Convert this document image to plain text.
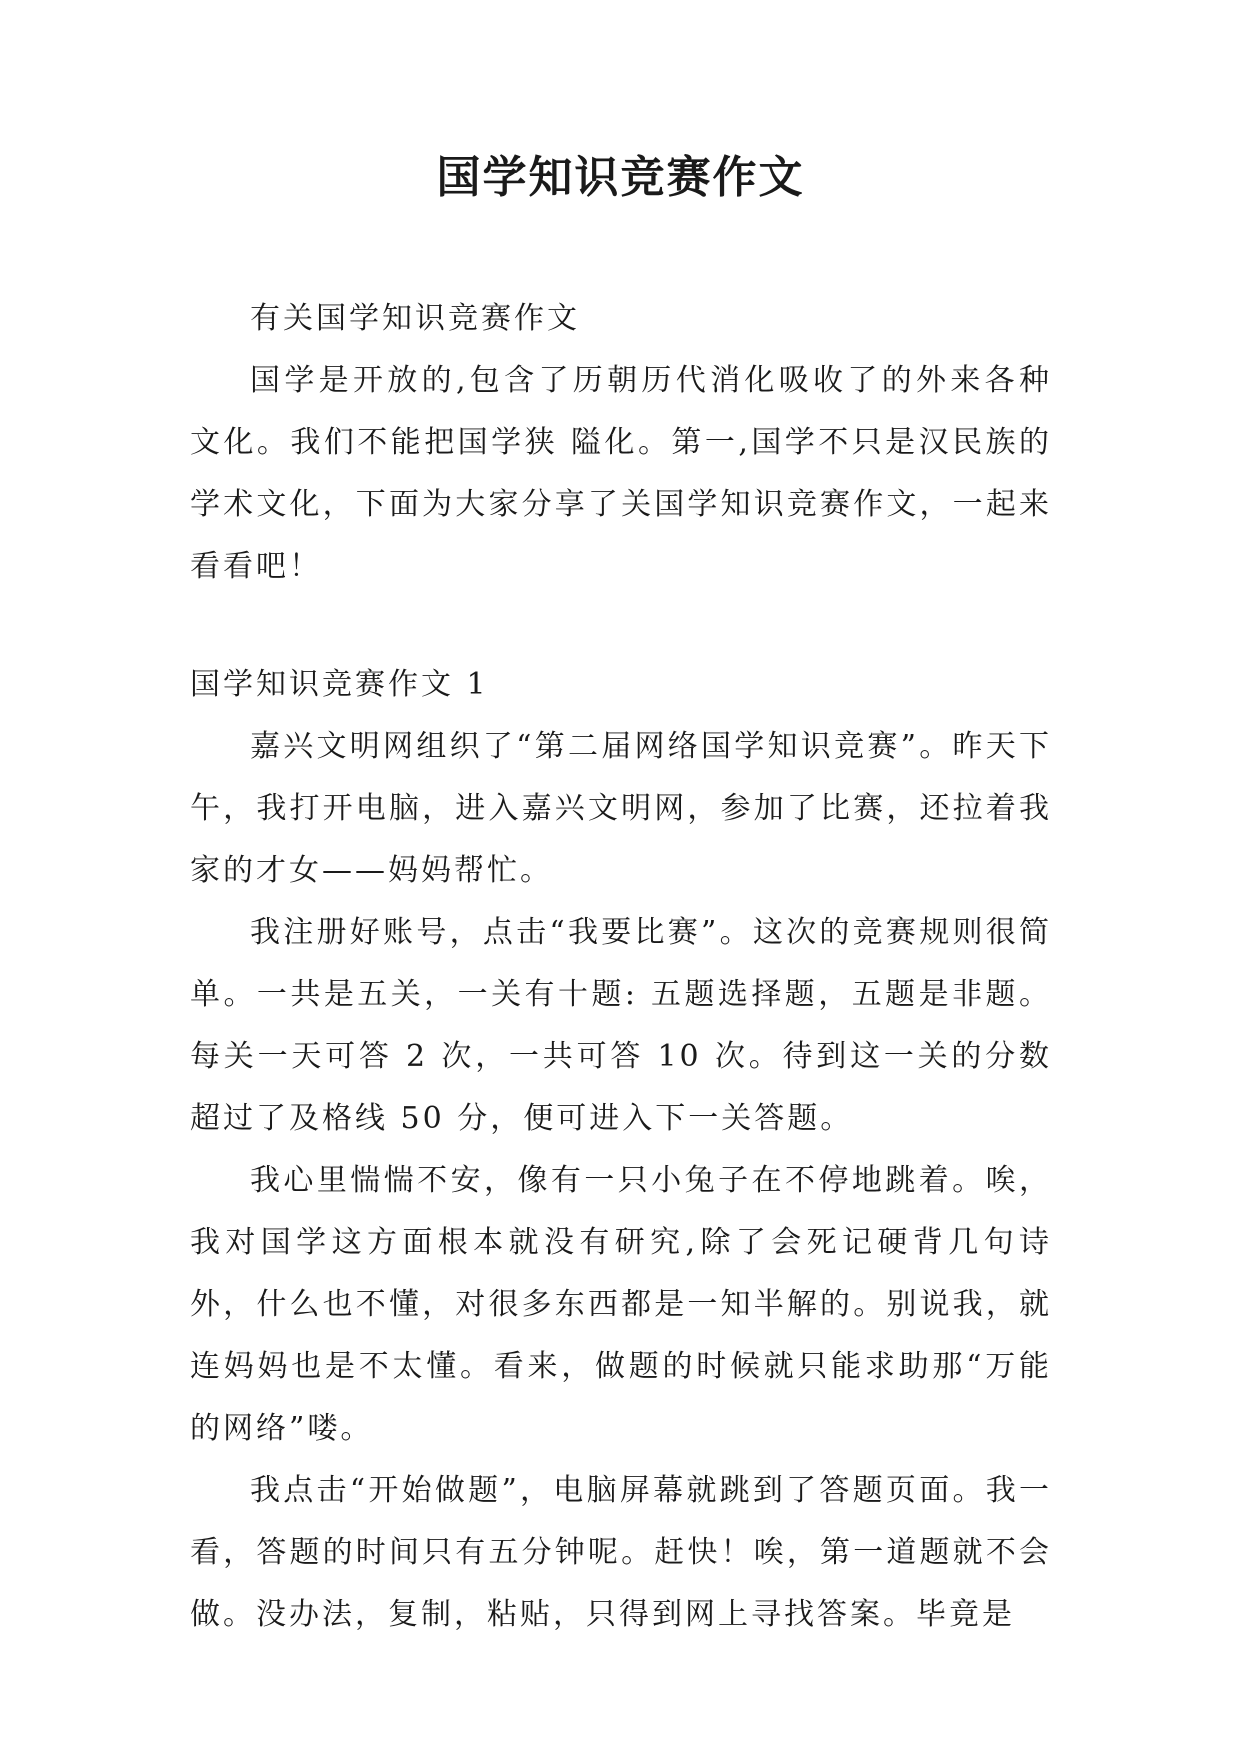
国学知识竞赛作文

有关国学知识竞赛作文

国学是开放的,包含了历朝历代消化吸收了的外来各种文化。我们不能把国学狭 隘化。第一,国学不只是汉民族的学术文化，下面为大家分享了关国学知识竞赛作文，一起来看看吧！

国学知识竞赛作文 1

嘉兴文明网组织了“第二届网络国学知识竞赛”。昨天下午，我打开电脑，进入嘉兴文明网，参加了比赛，还拉着我家的才女——妈妈帮忙。

我注册好账号，点击“我要比赛”。这次的竞赛规则很简单。一共是五关，一关有十题: 五题选择题，五题是非题。每关一天可答 2 次，一共可答 10 次。待到这一关的分数超过了及格线 50 分，便可进入下一关答题。

我心里惴惴不安，像有一只小兔子在不停地跳着。唉，我对国学这方面根本就没有研究,除了会死记硬背几句诗外，什么也不懂，对很多东西都是一知半解的。别说我，就连妈妈也是不太懂。看来，做题的时候就只能求助那“万能的网络”喽。

我点击“开始做题”，电脑屏幕就跳到了答题页面。我一看，答题的时间只有五分钟呢。赶快！唉，第一道题就不会做。没办法，复制，粘贴，只得到网上寻找答案。毕竟是
